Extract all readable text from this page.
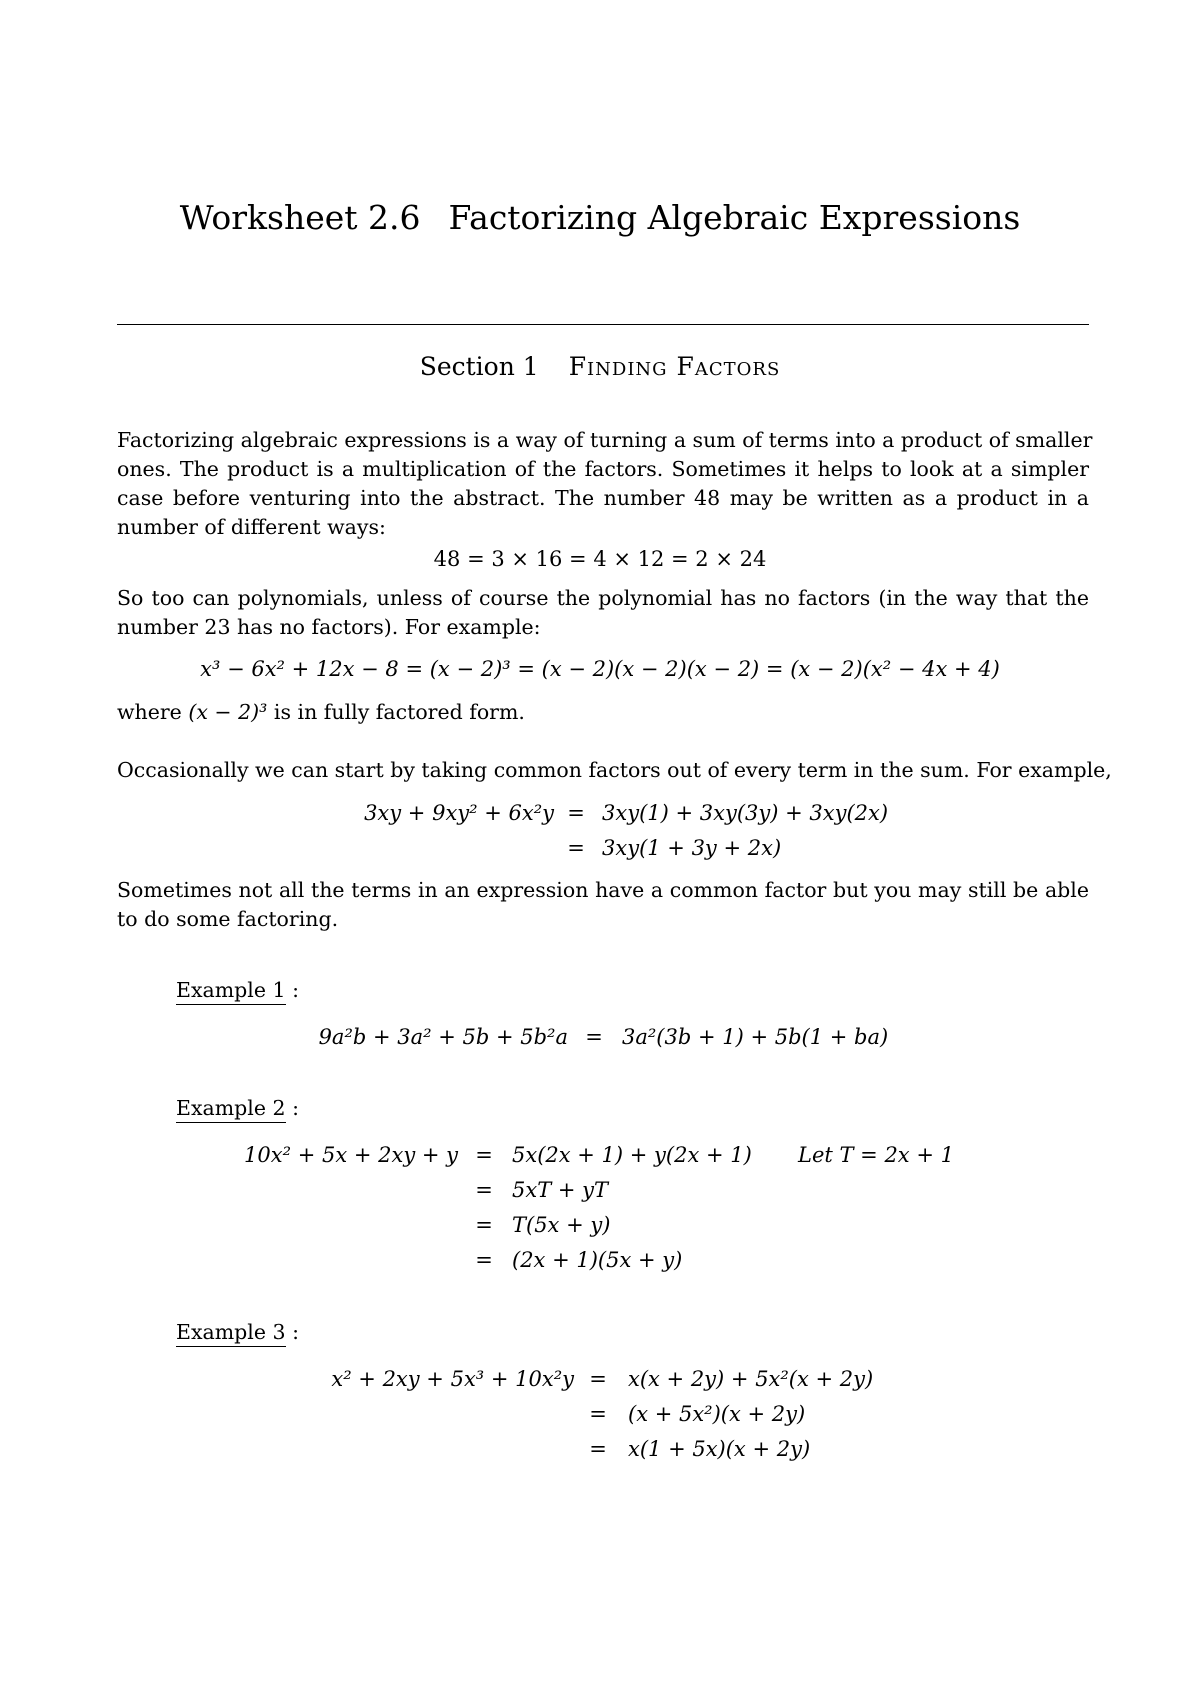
Worksheet 2.6 Factorizing Algebraic Expressions
Section 1 Finding Factors
Factorizing algebraic expressions is a way of turning a sum of terms into a product of smaller
ones. The product is a multiplication of the factors. Sometimes it helps to look at a simpler
case before venturing into the abstract. The number 48 may be written as a product in a
number of different ways:
48 = 3 × 16 = 4 × 12 = 2 × 24
So too can polynomials, unless of course the polynomial has no factors (in the way that the
number 23 has no factors). For example:
x³ − 6x² + 12x − 8 = (x − 2)³ = (x − 2)(x − 2)(x − 2) = (x − 2)(x² − 4x + 4)
where (x − 2)³ is in fully factored form.
Occasionally we can start by taking common factors out of every term in the sum. For example,
3xy + 9xy² + 6x²y = 3xy(1) + 3xy(3y) + 3xy(2x)
= 3xy(1 + 3y + 2x)
Sometimes not all the terms in an expression have a common factor but you may still be able
to do some factoring.
Example 1 :
9a²b + 3a² + 5b + 5b²a = 3a²(3b + 1) + 5b(1 + ba)
Example 2 :
10x² + 5x + 2xy + y = 5x(2x + 1) + y(2x + 1) Let T = 2x + 1
= 5xT + yT
= T(5x + y)
= (2x + 1)(5x + y)
Example 3 :
x² + 2xy + 5x³ + 10x²y =	x(x + 2y) + 5x²(x + 2y)
=	(x + 5x²)(x + 2y)
=	x(1 + 5x)(x + 2y)
